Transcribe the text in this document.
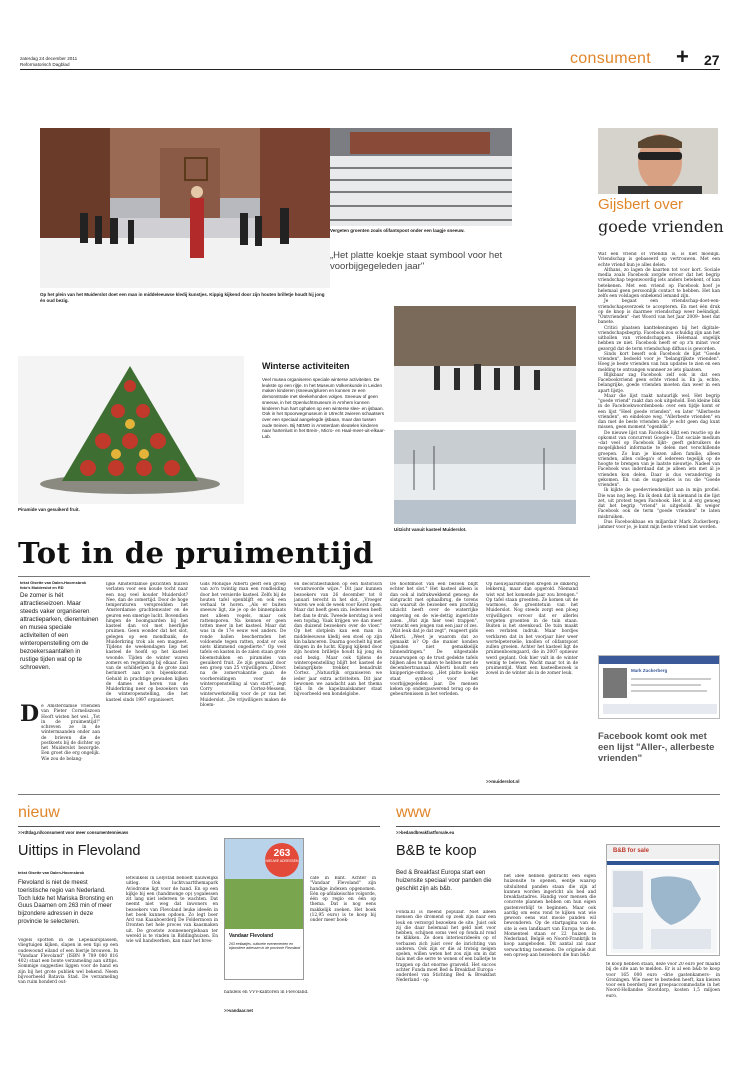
zaterdag 24 december 2011
Reformatorisch Dagblad	consument + 27
Op het plein van het Muiderslot doet een man in middeleeuwse kledij kunstjes. Kippig kijkend door zijn houten brilletje houdt hij jong én oud bezig.
Vergeten groenten zoals olifantspoot onder een laagje sneeuw.
„Het platte koekje staat symbool voor het voorbijgegeleden jaar"
Gijsbert over
goede vrienden
Piramide van gesuikerd fruit.
Winterse activiteiten
Veel musea organiseren speciale winterse activiteiten. De leukste op een rijtje. In het Museum Volkenkunde in Leiden maken kinderen (sneeuw)pluren en kunnen ze een demonstratie met sleekehonden volgen. Sneeuw of geen sneeuw, in het Openluchtmuseum in Arnhem kunnen kinderen hun hart ophalen op een winterse slee- en ijsbaan. Ook in het Spoorwegmuseum in Utrecht zwieren schaatsers over een speciaal aangelegde ijsbaan, maar dan tussen oude treinen. Bij NEMO in Amsterdam sleutelen kinderen naar hartenlust in het Brein-, Micro- en Haal-meer-uit-elkaar-Lab.
Uitzicht vanuit kasteel Muiderslot.

Wat een vriend of vriendin is, is niet moeilijk. Vriendschap is gebaseerd op vertrouwen. Met een echte vriend kun je alles delen.

Althans, zo lagen de kaarten tot voor kort. Sociale media zoals Facebook zorgde ervoor dat het begrip vriendschap tegenwoordig iets anders betekent, of kan betekenen. Met een vriend op Facebook hoef je helemaal geen persoonlijk contact te hebben. Het kan zelfs een volslagen onbekend iemand zijn.

Je begaat een vriendschap-doet-een-vriendschapsverzoek te accepteren. En met één druk op de knop is daarmee vriendschap weer beëindigd. "Ontvrienden" –het Woord van het Jaar 2009– heet dat banete.

Critici plaatsen kanttekeningen bij het digitale-vriendschapsbegrip. Facebook zou schuldig zijn aan het uithollen van vriendschappen. Helemaal ongelijk hebben ze niet. Facebook heeft er op z'n minst voor gezorgd dat de term vriendschap diffuus is geworden.

Sinds kort beseft ook Facebook de lijst "Goede vrienden", bedoeld voor je "belangrijkste vrienden". Hoeg je beste vrienden van hun updates te zien en een melding te ontvangen wanneer ze iets plaatsen.

Blijkbaar zag Facebook zelf ook in dat een Facebookvriend geen echte vriend is. En ja, echte, belangrijke, goede vrienden moeten dan weer in een apart lijstje.

Maar die lijst raakt natuurlijk wel. Het begrip "goede vriend" raakt dan ook uitgehold. Een kleine blik in de Facebookwoordenboek: over een tijdje komt er een lijst "Heel goede vrienden", en later "Allerbeste vrienden", en eindeloze weg. "Allerbeste vrienden" en dan met de beste vrienden die je echt geen dag kunt missen, geen moment "ogenblik".

De nieuwe lijst van Facebook lijkt een reactie op de opkomst van concurrent Google+. Dat sociale medium –dat veel op Facebook lijkt– geeft gebruikers de mogelijkheid informatie te delen met verschillende groepen. Zo kun je kiezen allen familie, alleen vrienden, allen collega's of iedereen tegelijk op de hoogte te brengen van je laatste nieuwtje. Nadeel van Facebook was inderdaad dat je alleen iets met ál je vrienden kon delen. Daar is dus verandering in gekomen. En van de suggesties is nu die "Goede vrienden".

Ik kijkte de goedevriendenlijst aan in mijn profiel. Die was nog leeg. En ik denk dat ik niemand in die lijst zet, uit protest tegen Facebook. Het is al erg genoeg dat het begrip "vriend" is uitgehold. Ik weiger Facebook ook de term "goede vrienden" te laten misbruiken.

Dus Facebookbaas en miljardair Mark Zuckerberg: jammer voor je, je kunt mijn beste vriend niet worden.

Mark Zuckerberg
Facebook komt ook met een lijst "Aller-, allerbeste vrienden"
Tot in de pruimentijd
tekst Gisette van Dalen-Hoornsbrok
foto's Muiderslot en RD
De zomer is hét attractieseizoen. Maar steeds vaker organiseren attractieparken, dierentuinen en musea speciale activiteiten of een winteropenstelling om de bezoekersaantallen in rustige tijden wat op te schroeven.
D e Amsterdamse vrienden van Pieter Corneliszoon Hooft wisten het wel. „Tot in de pruimentijd!" schreven ze in de wintermaanden onder aan de brieven die de postkoets bij de dichter op het Muiderslot bezorgde. Een groet die erg ongelijk. Wie zou de belang-
lijke Amsterdamse gezichten huizen verlaten voor een koude tocht naar een nog veel kouder Muiderslot? Nee, dan de zomertijd. Door de hoge temperaturen verspreidden het Amsterdamse grachtenwater en de geuren een smerige lucht. Bovendien hingen de boomgaarden bij het kasteel dan vol met heerlijke pruimen. Geen wonder dat het slot, gelegen op een mondbank, de Muiderkring trok als een magneet. Tijdens de weekendagen liep het kasteel de hoofd op het kasteel woonde. Tijden de winter waren zomers en regelmatig bij elkaar. Een van de schilderijen in de grote zaal herinnert aan zo'n bijeenkomst. Gehuld in prachtige gewaden kijken de dames en heren van de Muiderkring neer op bezoekers van de winteropenstelling, die het kasteel sinds 1997 organiseert.
Gids Monique Alberti geeft een groep van zo'n twintig man een rondleiding door het versierde kasteel. Zelfs bij de houten tafel openblijft en ook een verhaal te horen. „Als er buiten sneeuw ligt, zie je op de binnenplaats met alleen vogels, maar ook rattensporen. Na kennen er geen totten meer in het kasteel. Maar dat was in de 17e eeuw wel anders. De ronde ballen beschermden het voldoende tegen ratten, zodat er ook niets klimmend ongedierte." Op veel tafels en kasten in de zalen staan grote bloemstukken en piramides van gesuikerd fruit. Ze zijn gemaakt door een groep van 25 vrijwilligers. „Direct na de zomervakantie gaan de voorbereidingen voor de winteropenstelling al van start", zegt Corry Cortez-Messem, winterwerkstellig voor de pr van het Muiderslot. „De vrijwilligers maken de bloem-
en decoratiestukken op een historisch verantwoorde wijze." Dit jaar kunnen bezoekers van 26 december tot 8 januari terecht in het slot. „Vroeger waren we ook de week voor Kerst open. Maar dat heeft geen zin. Iedereen heeft het dan te druk. Tweede kerstdag is wel een topdag. Vaak krijgen we dan meer dan duizend bezoekers over de vloer." Op het slotplein kan een man in middeleeuwse kledij een stoel op zijn kin balanceren. Daarna goochelt hij met dingen in de lucht. Kippig kijkend door zijn houten brilletje houdt hij jong én oud bezig. Maar ook tijdens de winteropenstelling blijft het kasteel de belangrijkste trekker, benadrukt Cortez. „Natuurlijk organiseren we ieder jaar extra activiteiten. Dit jaar bewonen we aandacht aan het thema tijd. In de kapelzaalskamer staat bijvoorbeeld een hondelglobe.
De hoofdmoot van een bezoek blijft echter het slot." Het kasteel alleen is dan ook al indrukwekkend genoeg: de slotgracht met ophaalbrug, de torens van waaruit de bezoeker een prachtig uitzicht heeft over de waterrijke omgeving en de wie-dettig ingerichte zalen. „Wat zijn hier veel trappen", verzucht een jongen van een jaar of zes. „Wat leuk dat je dat zegt", reageert gids Alberti. „Weet je waarom dat zo gemaakt is? Op die manier konden vijanden niet gemakkelijk binnendringen." De uitgestalde zwaarwapen op de trust gedekte tafels blijken alles te maken te hebben met de decembertraanaal. Alberti houdt een knipperige-onthoog. „Het platte koekje staat symbool voor het voorbijgegeleden jaar. De mensen keken op ondergaswerend terug op de gebeurtenissen in het verleden.
Op nieuwjaarsmorgen kregen ze dikkerig lekkernij, maar dan opgerold. Niemand wist wat het komende jaar zou brengen." Op tafel staan groenten. Ze komen uit de warmoes, de groentetuin van het Muiderslot. Nog steeds zorgt een ploeg vrijwilligers ervoor dat er allerlei vergeten groenten in de tuin staan. Buiten is het steenkoud. De tuin maakt een verlaten indruk. Maar bordjes verklaren dat in het voorjaar hier weer wortelpeterselie, knollen of olifantspoot zullen groeien. Achter het kasteel ligt de pruimenboomgaard, die in 2007 opnieuw werd geplant. Ook hier valt in de winter weinig te beleven. Wacht maar tot in de pruimentijd. Want een kasteelbezoek is zowel in de winter als in de zomer leuk.
>>muiderslot.nl
nieuw
>>rdtdag.nl/consument voor meer consumentennieuws
Uittips in Flevoland
tekst Gisette van Dalen-Hoornsbrok
Flevoland is niet de meest toeristische regio van Nederland. Toch lukte het Mariska Bronsting en Guus Daamen om 263 min of meer bijzondere adressen in deze provincie te selecteren.
Vogels spotten in de Lepelaarsplassen, vliegtuigen kijken, slapen in een tipi op een oudewoond eiland of een bierije brouwen. In "Vandaar Flevoland" (ISBN 9 789 080 816 402) staat een bonte verzameling aan uittips. Sommige suggesties liggen voor de hand en zijn bij het grote publiek wel bekend. Neem bijvoorbeeld Batavia Stad. De verzameling van ruim honderd out-
letwinkels in Lelystad behoeft nauwelijks uitleg. Ook luchtvaartthemapark Aviodrome ligt voor de hand. En op een kijkje bij een (handmonge op) yogalessen zit lang niet iedereen te wachten. Dat neemt niet weg dat inwoners en bezoekers van Flevoland leuke ideeën in het boek kunnen opdoen. Zo legt boer Ard van Kaauboerderij De Foldermoon in Dronten het hele proces van kaasmaken uit. De grootste zonneenergiebaan ter wereld is te vinden in Biddinghuizen. En wie wil handwerken, kan naar het bres-
263
NIEUWE ADRESSEN
Vandaar Flevoland
263 eetlaatjes, culturele evenementen en bijzondere adressen in de provincie Flevoland
café in Bant. Achter in "Vandaar Flevoland" zijn handige indexen opgenomen. Eén op-afdakeischie volgorde, één op regio en één op thema. Dat is nog eens makkelijk zoeken. Het boek (12,95 euro) is te koop bij onder meer boek-
handels en VVV-kantoren in Flevoland.
>>vandaar.net
www
>>bedandbreakfastforsale.eu
B&B te koop
Bed & Breakfast Europa start een huizensite speciaal voor panden die geschikt zijn als b&b.
Fonda.nl is meend populair. Niet alleen mensen die dromend op zoek zijn naar een leuk en verzorgd bezoeken de site. Juist ook zij die daar helemaal het geld niet voor hebben, schijnen soms veel op fonda.nl rond te klikken. Ze doen interieurideeën op of verbazen zich juist over de inrichting van anderen. Ook zijn er die al trotsig neigen spelen, willen weten het zou zijn om in dat huis met die serre te wonen of een balletje te trappen op dat enorme grasveld. Het succes achter Funda moet Bed & Breakfast Europa - onderdeel van Stichting Bed & Breakfast Nederland - op
het idee hebben gebracht een eigen huizensite te openen, eentje waarop uitsluitend panden staan die zijn af kunnen worden ingericht als bed and breakfastadres. Handig voor mensen die concrete plannen hebben om hun eigen gastenverblijf te beginnen. Maar ook aardig om eens rond te kijken wat wie gewoon eens wat mooie panden wil bewonderen. Op de startpagina van de site is een landkaart van Europa te zien. Momenteel staan er 22 huizen in Nederland, België en Noord-Frankrijk te koop aangeboden. Dit aantal zal naar verwachting toenemen. De originele duit een oproep aan bezoekers die hun b&b
B&B for sale
te koop hebben staan, deze voor 20 euro per maand bij de site aan te melden. Er is al een b&b te koop voor 165 000 euro –drie gastenkamers– in Groningen. Wie meer te besteden heeft, kan kiezen voor een boerderij met groepsaccommodatie in het Noord-Hollandse Stootdorp, kosten 1,5 miljoen euro.
